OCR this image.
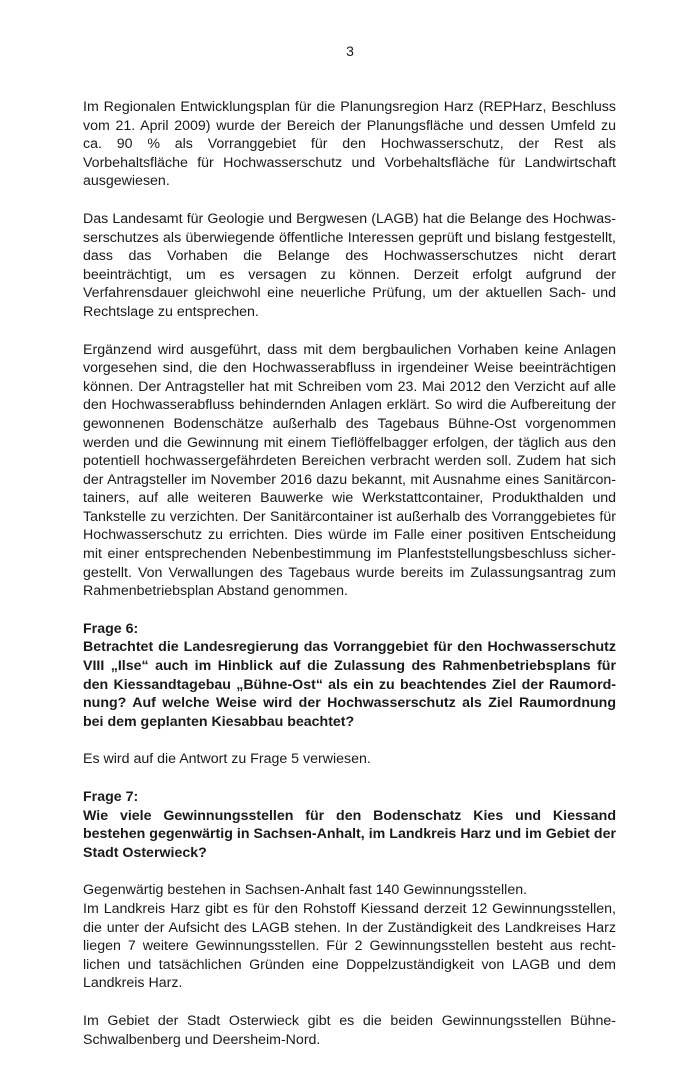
3

Im Regionalen Entwicklungsplan für die Planungsregion Harz (REPHarz, Beschluss vom 21. April 2009) wurde der Bereich der Planungsfläche und dessen Umfeld zu ca. 90 % als Vorranggebiet für den Hochwasserschutz, der Rest als Vorbehaltsfläche für Hochwasserschutz und Vorbehaltsfläche für Landwirtschaft ausgewiesen.

Das Landesamt für Geologie und Bergwesen (LAGB) hat die Belange des Hochwasserschutzes als überwiegende öffentliche Interessen geprüft und bislang festgestellt, dass das Vorhaben die Belange des Hochwasserschutzes nicht derart beeinträchtigt, um es versagen zu können. Derzeit erfolgt aufgrund der Verfahrensdauer gleichwohl eine neuerliche Prüfung, um der aktuellen Sach- und Rechtslage zu entsprechen.

Ergänzend wird ausgeführt, dass mit dem bergbaulichen Vorhaben keine Anlagen vorgesehen sind, die den Hochwasserabfluss in irgendeiner Weise beeinträchtigen können. Der Antragsteller hat mit Schreiben vom 23. Mai 2012 den Verzicht auf alle den Hochwasserabfluss behindernden Anlagen erklärt. So wird die Aufbereitung der gewonnenen Bodenschätze außerhalb des Tagebaus Bühne-Ost vorgenommen werden und die Gewinnung mit einem Tieflöffelbagger erfolgen, der täglich aus den potentiell hochwassergefährdeten Bereichen verbracht werden soll. Zudem hat sich der Antragsteller im November 2016 dazu bekannt, mit Ausnahme eines Sanitärcontainers, auf alle weiteren Bauwerke wie Werkstattcontainer, Produkthalden und Tankstelle zu verzichten. Der Sanitärcontainer ist außerhalb des Vorranggebietes für Hochwasserschutz zu errichten. Dies würde im Falle einer positiven Entscheidung mit einer entsprechenden Nebenbestimmung im Planfeststellungsbeschluss sichergestellt. Von Verwallungen des Tagebaus wurde bereits im Zulassungsantrag zum Rahmenbetriebsplan Abstand genommen.

Frage 6:
Betrachtet die Landesregierung das Vorranggebiet für den Hochwasserschutz VIII „Ilse“ auch im Hinblick auf die Zulassung des Rahmenbetriebsplans für den Kiessandtagebau „Bühne-Ost“ als ein zu beachtendes Ziel der Raumordnung? Auf welche Weise wird der Hochwasserschutz als Ziel Raumordnung bei dem geplanten Kiesabbau beachtet?

Es wird auf die Antwort zu Frage 5 verwiesen.

Frage 7:
Wie viele Gewinnungsstellen für den Bodenschatz Kies und Kiessand bestehen gegenwärtig in Sachsen-Anhalt, im Landkreis Harz und im Gebiet der Stadt Osterwieck?

Gegenwärtig bestehen in Sachsen-Anhalt fast 140 Gewinnungsstellen.

Im Landkreis Harz gibt es für den Rohstoff Kiessand derzeit 12 Gewinnungsstellen, die unter der Aufsicht des LAGB stehen. In der Zuständigkeit des Landkreises Harz liegen 7 weitere Gewinnungsstellen. Für 2 Gewinnungsstellen besteht aus rechtlichen und tatsächlichen Gründen eine Doppelzuständigkeit von LAGB und dem Landkreis Harz.

Im Gebiet der Stadt Osterwieck gibt es die beiden Gewinnungsstellen Bühne-Schwalbenberg und Deersheim-Nord.
